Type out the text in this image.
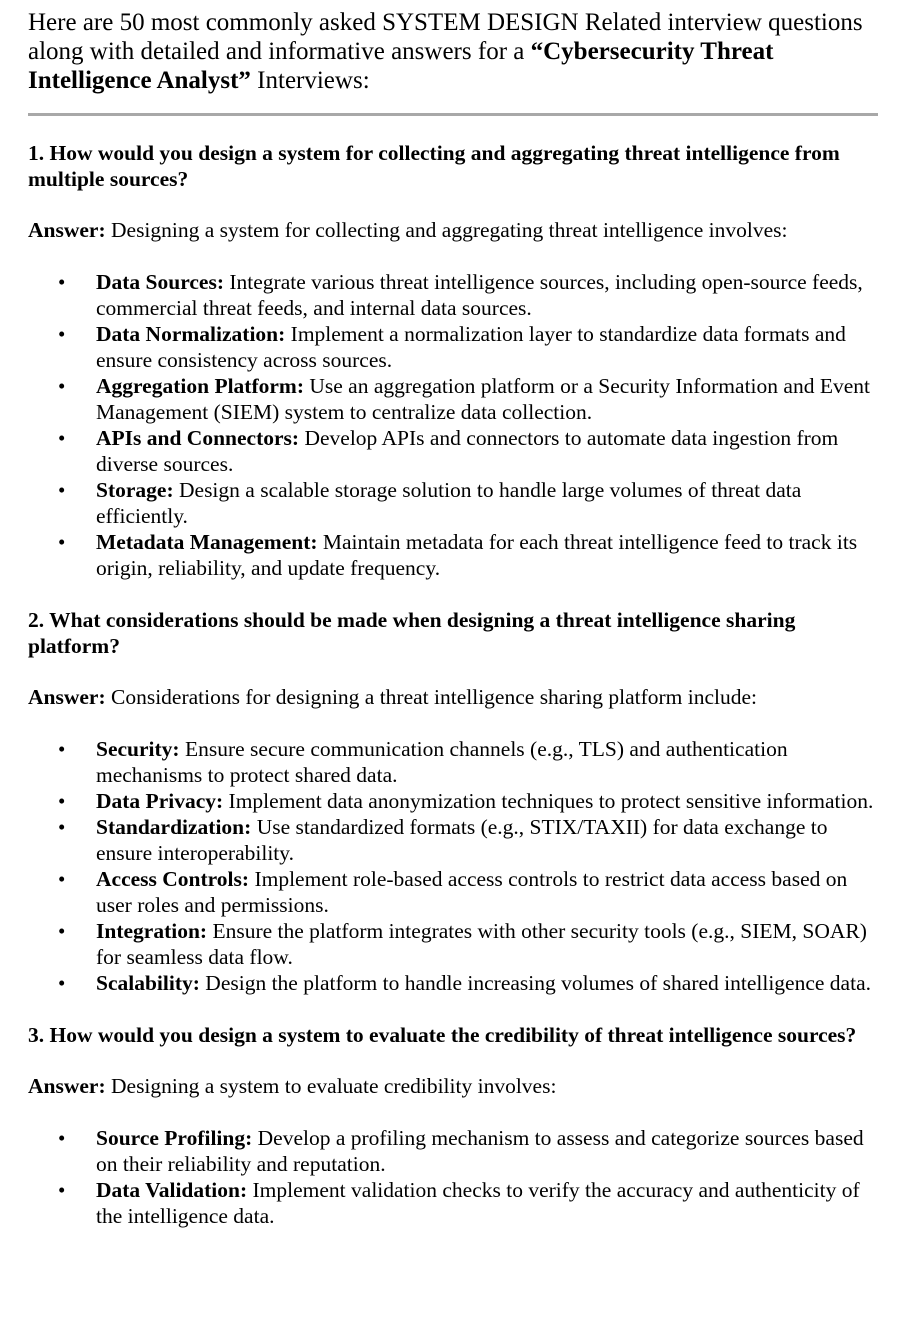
Here are 50 most commonly asked SYSTEM DESIGN Related interview questions along with detailed and informative answers for a “Cybersecurity Threat Intelligence Analyst” Interviews:

1. How would you design a system for collecting and aggregating threat intelligence from multiple sources?

Answer: Designing a system for collecting and aggregating threat intelligence involves:

• Data Sources: Integrate various threat intelligence sources, including open-source feeds, commercial threat feeds, and internal data sources.
• Data Normalization: Implement a normalization layer to standardize data formats and ensure consistency across sources.
• Aggregation Platform: Use an aggregation platform or a Security Information and Event Management (SIEM) system to centralize data collection.
• APIs and Connectors: Develop APIs and connectors to automate data ingestion from diverse sources.
• Storage: Design a scalable storage solution to handle large volumes of threat data efficiently.
• Metadata Management: Maintain metadata for each threat intelligence feed to track its origin, reliability, and update frequency.

2. What considerations should be made when designing a threat intelligence sharing platform?

Answer: Considerations for designing a threat intelligence sharing platform include:

• Security: Ensure secure communication channels (e.g., TLS) and authentication mechanisms to protect shared data.
• Data Privacy: Implement data anonymization techniques to protect sensitive information.
• Standardization: Use standardized formats (e.g., STIX/TAXII) for data exchange to ensure interoperability.
• Access Controls: Implement role-based access controls to restrict data access based on user roles and permissions.
• Integration: Ensure the platform integrates with other security tools (e.g., SIEM, SOAR) for seamless data flow.
• Scalability: Design the platform to handle increasing volumes of shared intelligence data.

3. How would you design a system to evaluate the credibility of threat intelligence sources?

Answer: Designing a system to evaluate credibility involves:

• Source Profiling: Develop a profiling mechanism to assess and categorize sources based on their reliability and reputation.
• Data Validation: Implement validation checks to verify the accuracy and authenticity of the intelligence data.
